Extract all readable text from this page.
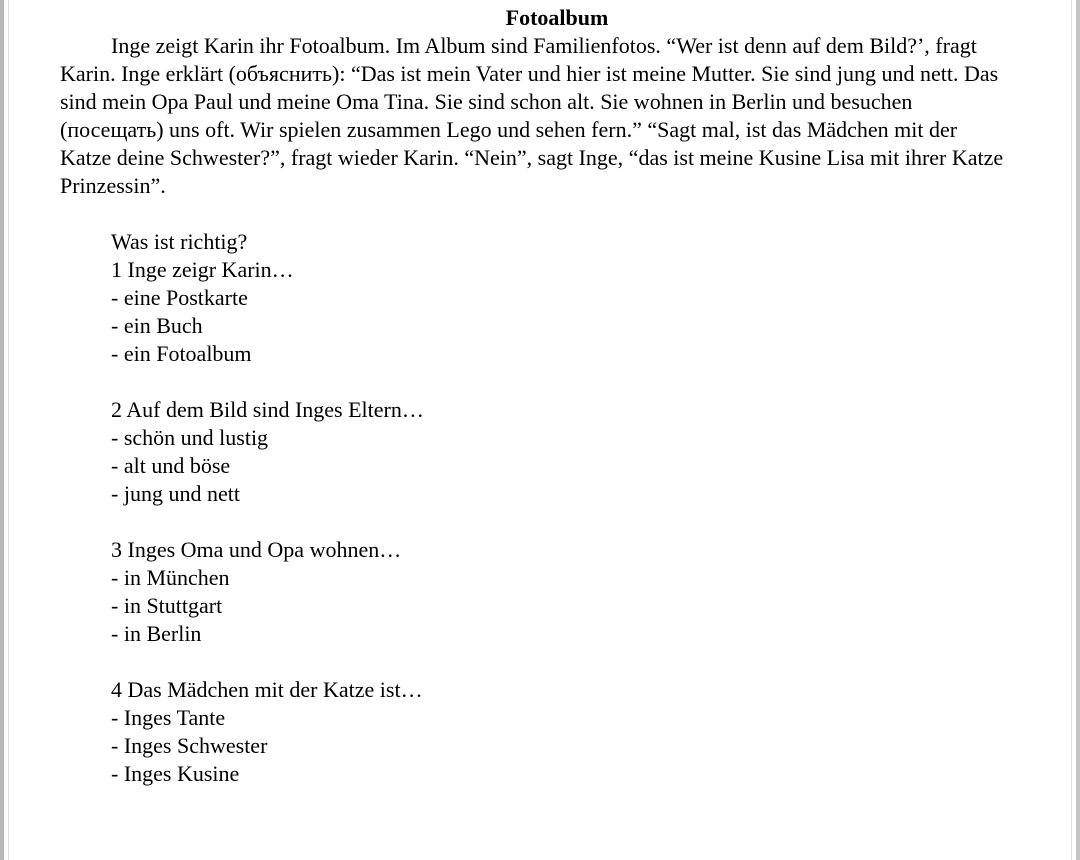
Fotoalbum

Inge zeigt Karin ihr Fotoalbum. Im Album sind Familienfotos. “Wer ist denn auf dem Bild?’, fragt Karin. Inge erklärt (объяснить): “Das ist mein Vater und hier ist meine Mutter. Sie sind jung und nett. Das sind mein Opa Paul und meine Oma Tina. Sie sind schon alt. Sie wohnen in Berlin und besuchen (посещать) uns oft. Wir spielen zusammen Lego und sehen fern.” “Sagt mal, ist das Mädchen mit der Katze deine Schwester?”, fragt wieder Karin. “Nein”, sagt Inge, “das ist meine Kusine Lisa mit ihrer Katze Prinzessin”.

Was ist richtig?
1 Inge zeigr Karin…
- eine Postkarte
- ein Buch
- ein Fotoalbum
2 Auf dem Bild sind Inges Eltern…
- schön und lustig
- alt und böse
- jung und nett
3 Inges Oma und Opa wohnen…
- in München
- in Stuttgart
- in Berlin
4 Das Mädchen mit der Katze ist…
- Inges Tante
- Inges Schwester
- Inges Kusine
